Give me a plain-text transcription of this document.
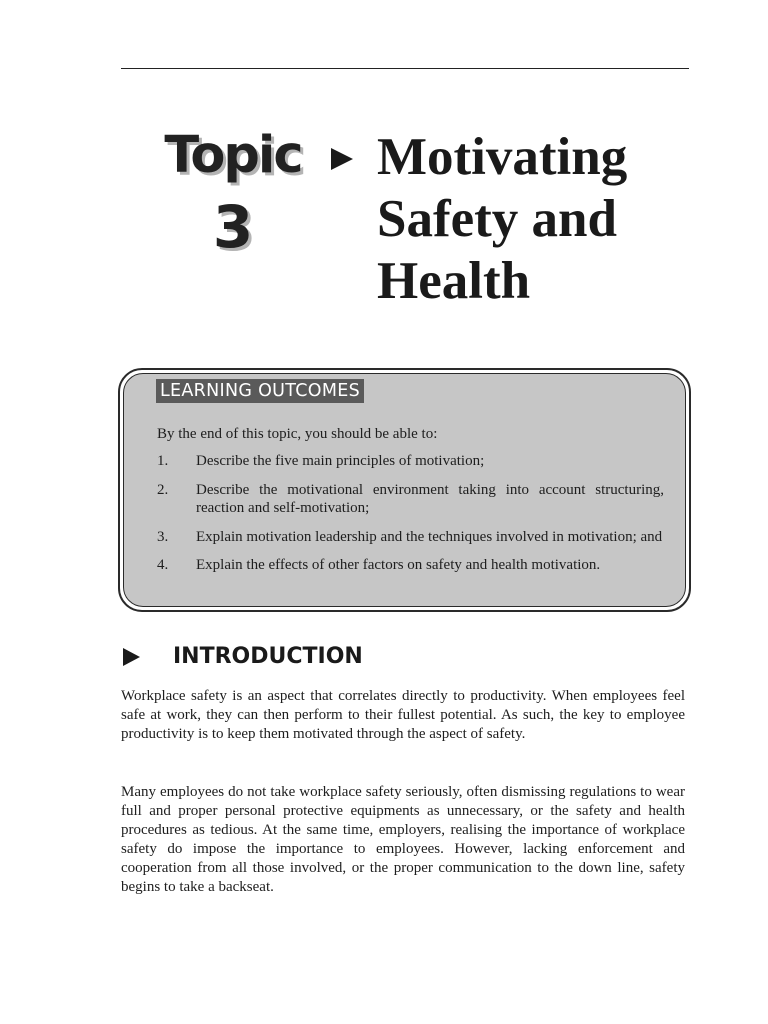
Topic
3
Motivating
Safety and
Health
LEARNING OUTCOMES

By the end of this topic, you should be able to:

1. Describe the five main principles of motivation;
2. Describe the motivational environment taking into account structuring, reaction and self-motivation;
3. Explain motivation leadership and the techniques involved in motivation; and
4. Explain the effects of other factors on safety and health motivation.
INTRODUCTION

Workplace safety is an aspect that correlates directly to productivity. When employees feel safe at work, they can then perform to their fullest potential. As such, the key to employee productivity is to keep them motivated through the aspect of safety.

Many employees do not take workplace safety seriously, often dismissing regulations to wear full and proper personal protective equipments as unnecessary, or the safety and health procedures as tedious. At the same time, employers, realising the importance of workplace safety do impose the importance to employees. However, lacking enforcement and cooperation from all those involved, or the proper communication to the down line, safety begins to take a backseat.
